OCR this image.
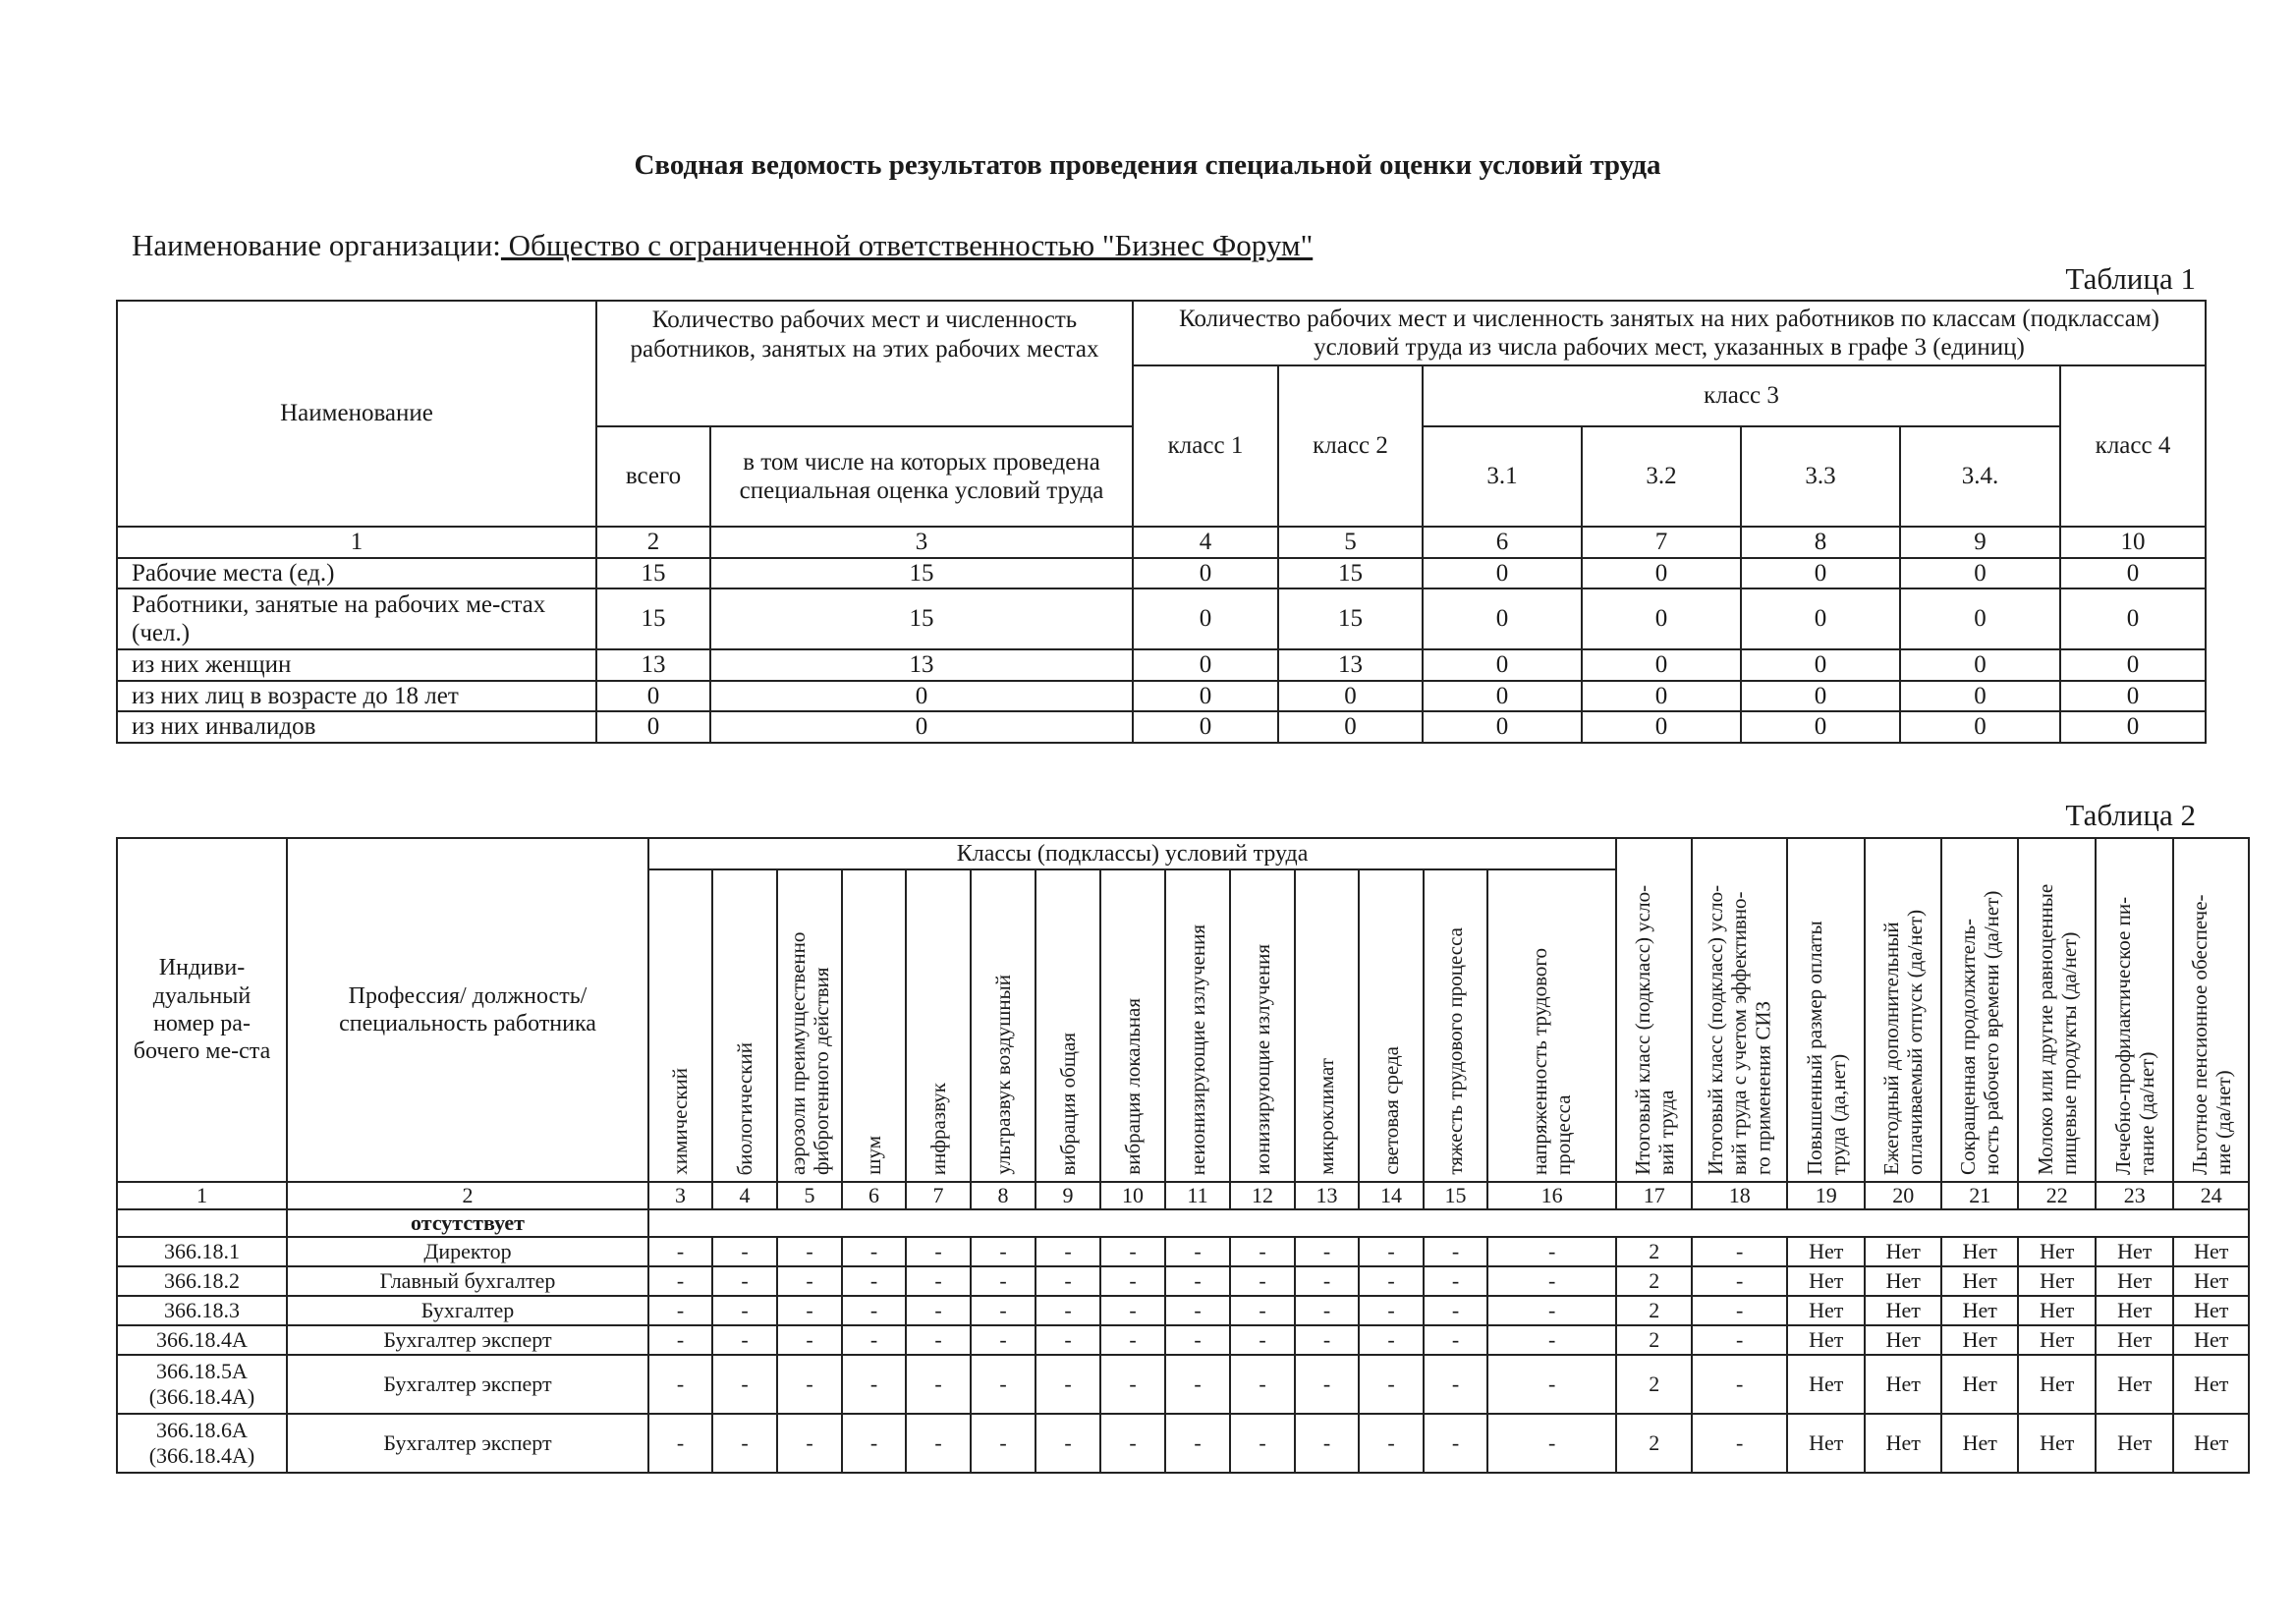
Сводная ведомость результатов проведения специальной оценки условий труда
Наименование организации: Общество с ограниченной ответственностью "Бизнес Форум"
Таблица 1
Наименование	Количество рабочих мест и численность работников, занятых на этих рабочих местах		Количество рабочих мест и численность занятых на них работников по классам (подклассам) условий труда из числа рабочих мест, указанных в графе 3 (единиц)						
			класс 1	класс 2	класс 3				класс 4
	всего	в том числе на которых проведена специальная оценка условий труда			3.1	3.2	3.3	3.4.	
1	2	3	4	5	6	7	8	9	10
Рабочие места (ед.)	15	15	0	15	0	0	0	0	0
Работники, занятые на рабочих ме-стах (чел.)	15	15	0	15	0	0	0	0	0
из них женщин	13	13	0	13	0	0	0	0	0
из них лиц в возрасте до 18 лет	0	0	0	0	0	0	0	0	0
из них инвалидов	0	0	0	0	0	0	0	0	0
Таблица 2
Индиви-дуальный номер ра-бочего ме-ста	Профессия/ должность/ специальность работника	Классы (подклассы) условий труда														Итоговый класс (подкласс) усло-вий труда	Итоговый класс (подкласс) усло-вий труда с учетом эффективно-го применения СИЗ	Повышенный размер оплаты труда (да,нет)	Ежегодный дополнительный оплачиваемый отпуск (да/нет)	Сокращенная продолжитель-ность рабочего времени (да/нет)	Молоко или другие равноценные пищевые продукты (да/нет)	Лечебно-профилактическое пи-тание (да/нет)	Льготное пенсионное обеспече-ние (да/нет)
		химический	биологический	аэрозоли преимущественно фиброгенного действия	шум	инфразвук	ультразвук воздушный	вибрация общая	вибрация локальная	неионизирующие излучения	ионизирующие излучения	микроклимат	световая среда	тяжесть трудового процесса	напряженность трудового процесса								
1	2	3	4	5	6	7	8	9	10	11	12	13	14	15	16	17	18	19	20	21	22	23	24
	отсутствует																						
366.18.1	Директор	-	-	-	-	-	-	-	-	-	-	-	-	-	-	2	-	Нет	Нет	Нет	Нет	Нет	Нет
366.18.2	Главный бухгалтер	-	-	-	-	-	-	-	-	-	-	-	-	-	-	2	-	Нет	Нет	Нет	Нет	Нет	Нет
366.18.3	Бухгалтер	-	-	-	-	-	-	-	-	-	-	-	-	-	-	2	-	Нет	Нет	Нет	Нет	Нет	Нет
366.18.4А	Бухгалтер эксперт	-	-	-	-	-	-	-	-	-	-	-	-	-	-	2	-	Нет	Нет	Нет	Нет	Нет	Нет
366.18.5А (366.18.4А)	Бухгалтер эксперт	-	-	-	-	-	-	-	-	-	-	-	-	-	-	2	-	Нет	Нет	Нет	Нет	Нет	Нет
366.18.6А (366.18.4А)	Бухгалтер эксперт	-	-	-	-	-	-	-	-	-	-	-	-	-	-	2	-	Нет	Нет	Нет	Нет	Нет	Нет
